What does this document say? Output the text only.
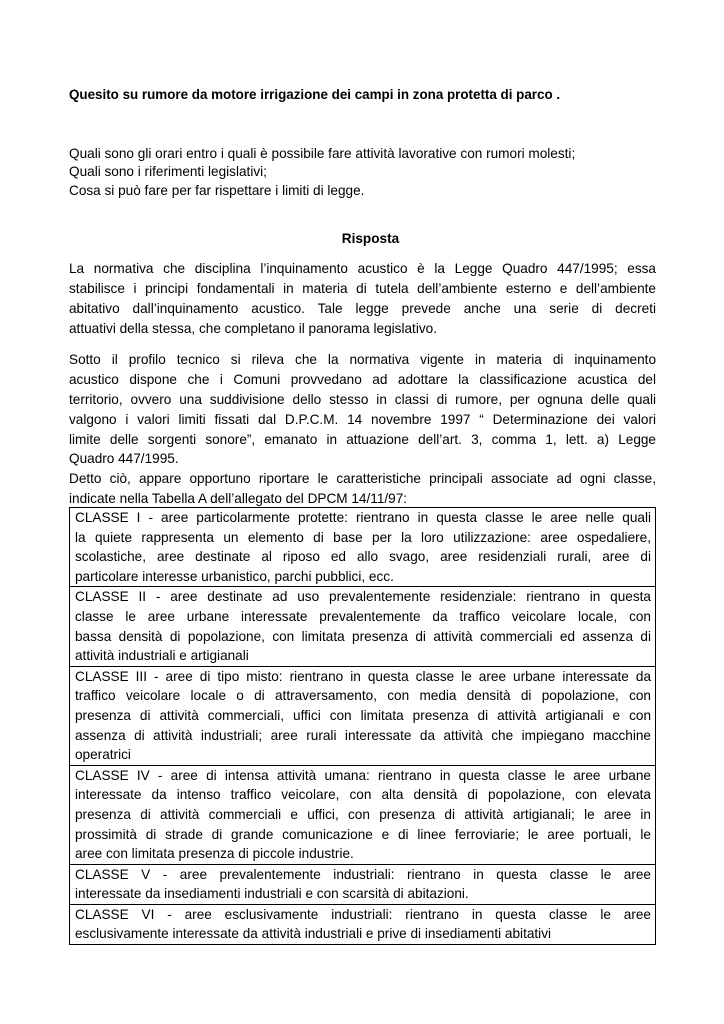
Quesito su rumore da motore irrigazione dei campi in zona protetta di parco .
Quali sono gli orari entro i quali è possibile fare attività lavorative con rumori molesti;
Quali sono i riferimenti legislativi;
Cosa si può fare per far rispettare i limiti di legge.
Risposta
La normativa che disciplina l’inquinamento acustico è la Legge Quadro 447/1995; essa
stabilisce i principi fondamentali in materia di tutela dell’ambiente esterno e dell’ambiente
abitativo dall’inquinamento acustico. Tale legge prevede anche una serie di decreti
attuativi della stessa, che completano il panorama legislativo.
Sotto il profilo tecnico si rileva che la normativa vigente in materia di inquinamento
acustico dispone che i Comuni provvedano ad adottare la classificazione acustica del
territorio, ovvero una suddivisione dello stesso in classi di rumore, per ognuna delle quali
valgono i valori limiti fissati dal D.P.C.M. 14 novembre 1997 “ Determinazione dei valori
limite delle sorgenti sonore”, emanato in attuazione dell’art. 3, comma 1, lett. a) Legge
Quadro 447/1995.
Detto ciò, appare opportuno riportare le caratteristiche principali associate ad ogni classe,
indicate nella Tabella A dell’allegato del DPCM 14/11/97:
CLASSE I - aree particolarmente protette: rientrano in questa classe le aree nelle quali
la quiete rappresenta un elemento di base per la loro utilizzazione: aree ospedaliere,
scolastiche, aree destinate al riposo ed allo svago, aree residenziali rurali, aree di
particolare interesse urbanistico, parchi pubblici, ecc.
CLASSE II - aree destinate ad uso prevalentemente residenziale: rientrano in questa
classe le aree urbane interessate prevalentemente da traffico veicolare locale, con
bassa densità di popolazione, con limitata presenza di attività commerciali ed assenza di
attività industriali e artigianali
CLASSE III - aree di tipo misto: rientrano in questa classe le aree urbane interessate da
traffico veicolare locale o di attraversamento, con media densità di popolazione, con
presenza di attività commerciali, uffici con limitata presenza di attività artigianali e con
assenza di attività industriali; aree rurali interessate da attività che impiegano macchine
operatrici
CLASSE IV - aree di intensa attività umana: rientrano in questa classe le aree urbane
interessate da intenso traffico veicolare, con alta densità di popolazione, con elevata
presenza di attività commerciali e uffici, con presenza di attività artigianali; le aree in
prossimità di strade di grande comunicazione e di linee ferroviarie; le aree portuali, le
aree con limitata presenza di piccole industrie.
CLASSE V - aree prevalentemente industriali: rientrano in questa classe le aree
interessate da insediamenti industriali e con scarsità di abitazioni.
CLASSE VI - aree esclusivamente industriali: rientrano in questa classe le aree
esclusivamente interessate da attività industriali e prive di insediamenti abitativi
